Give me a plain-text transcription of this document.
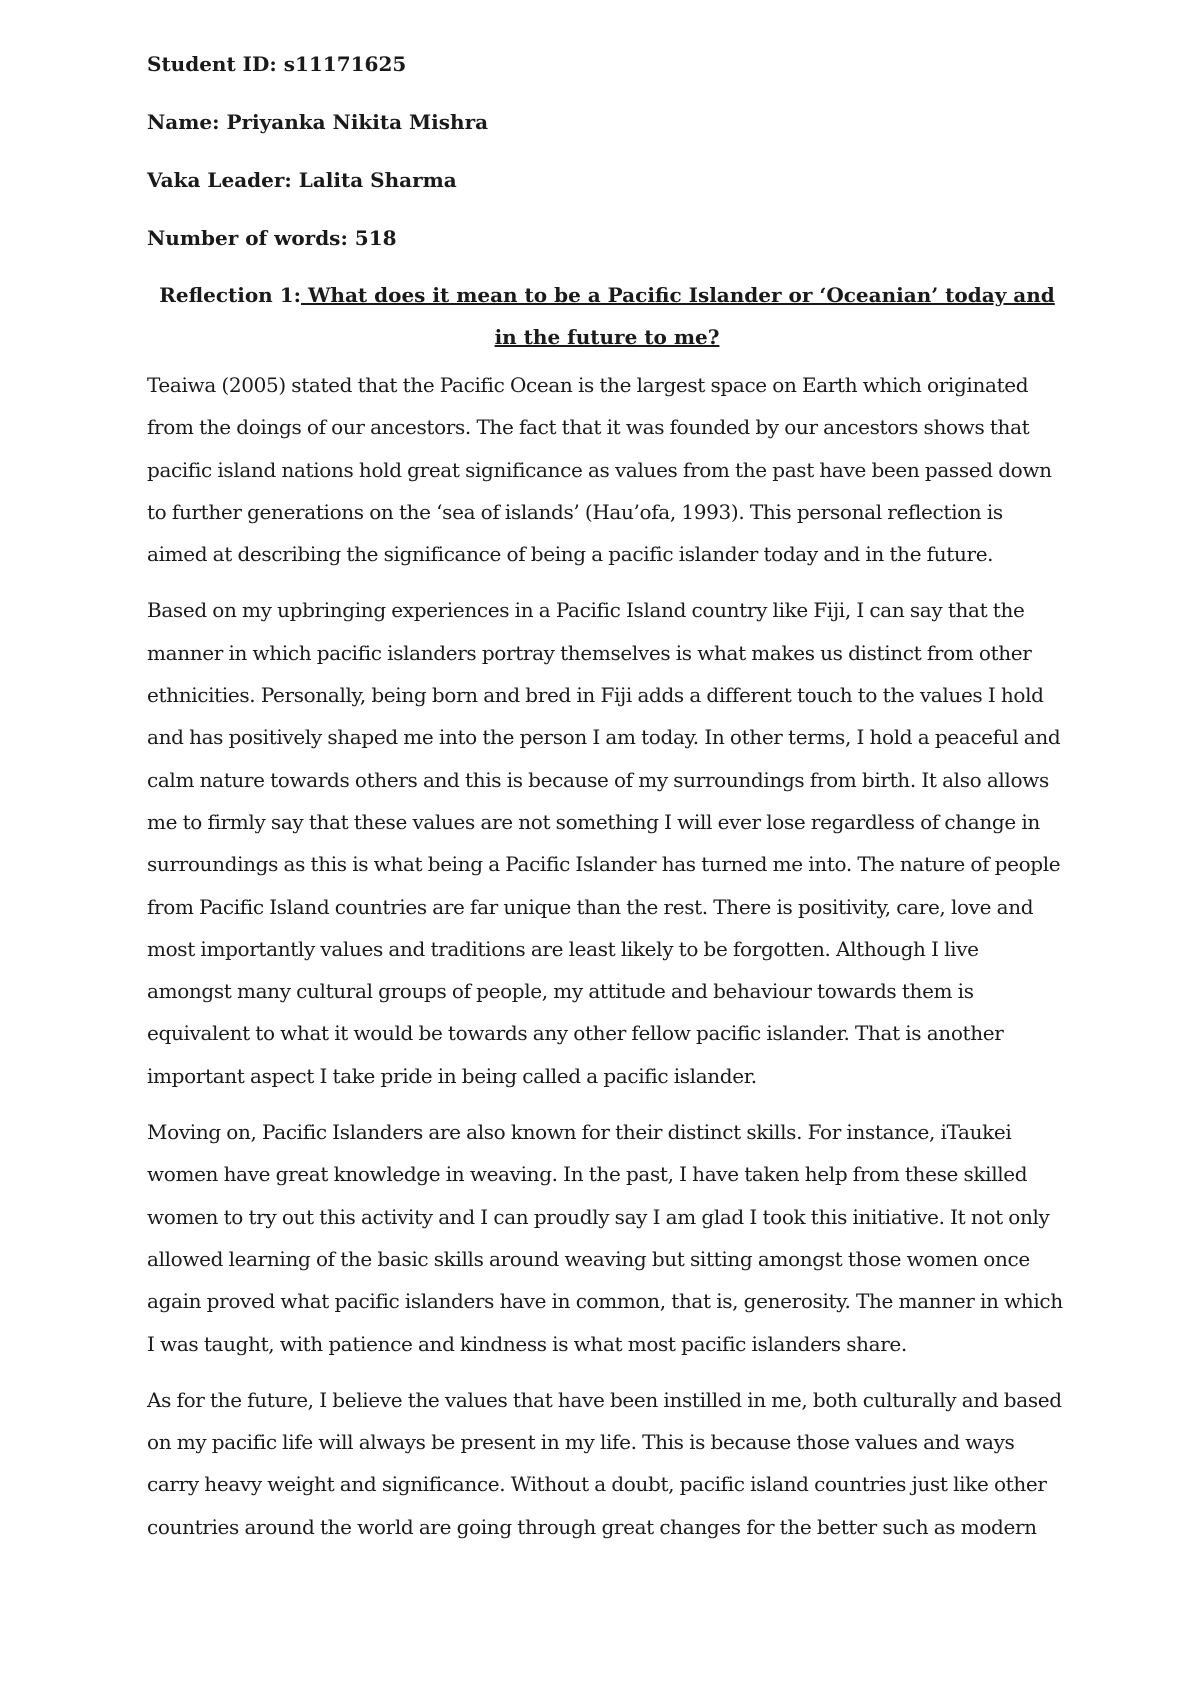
Student ID: s11171625

Name: Priyanka Nikita Mishra

Vaka Leader: Lalita Sharma

Number of words: 518

Reflection 1: What does it mean to be a Pacific Islander or ‘Oceanian’ today and in the future to me?

Teaiwa (2005) stated that the Pacific Ocean is the largest space on Earth which originated from the doings of our ancestors. The fact that it was founded by our ancestors shows that pacific island nations hold great significance as values from the past have been passed down to further generations on the ‘sea of islands’ (Hau’ofa, 1993). This personal reflection is aimed at describing the significance of being a pacific islander today and in the future.

Based on my upbringing experiences in a Pacific Island country like Fiji, I can say that the manner in which pacific islanders portray themselves is what makes us distinct from other ethnicities. Personally, being born and bred in Fiji adds a different touch to the values I hold and has positively shaped me into the person I am today. In other terms, I hold a peaceful and calm nature towards others and this is because of my surroundings from birth. It also allows me to firmly say that these values are not something I will ever lose regardless of change in surroundings as this is what being a Pacific Islander has turned me into. The nature of people from Pacific Island countries are far unique than the rest. There is positivity, care, love and most importantly values and traditions are least likely to be forgotten. Although I live amongst many cultural groups of people, my attitude and behaviour towards them is equivalent to what it would be towards any other fellow pacific islander. That is another important aspect I take pride in being called a pacific islander.

Moving on, Pacific Islanders are also known for their distinct skills. For instance, iTaukei women have great knowledge in weaving. In the past, I have taken help from these skilled women to try out this activity and I can proudly say I am glad I took this initiative. It not only allowed learning of the basic skills around weaving but sitting amongst those women once again proved what pacific islanders have in common, that is, generosity. The manner in which I was taught, with patience and kindness is what most pacific islanders share.

As for the future, I believe the values that have been instilled in me, both culturally and based on my pacific life will always be present in my life. This is because those values and ways carry heavy weight and significance. Without a doubt, pacific island countries just like other countries around the world are going through great changes for the better such as modern
